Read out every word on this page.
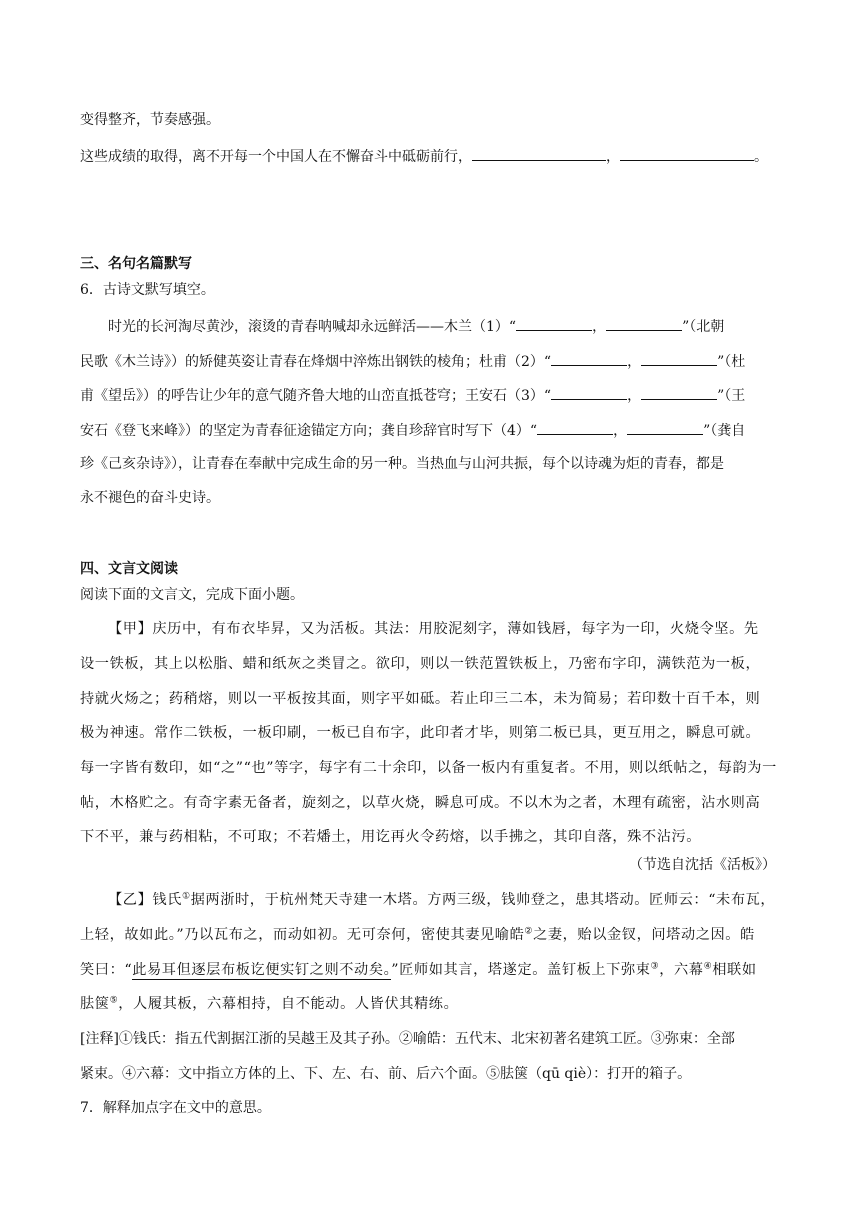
变得整齐，节奏感强。
这些成绩的取得，离不开每一个中国人在不懈奋斗中砥砺前行，	，	。
三、名句名篇默写
6．古诗文默写填空。
时光的长河淘尽黄沙，滚烫的青春呐喊却永远鲜活——木兰（1）“	，	”（北朝
民歌《木兰诗》）的矫健英姿让青春在烽烟中淬炼出钢铁的棱角；杜甫（2）“	，	”（杜
甫《望岳》）的呼告让少年的意气随齐鲁大地的山峦直抵苍穹；王安石（3）“	，	”（王
安石《登飞来峰》）的坚定为青春征途锚定方向；龚自珍辞官时写下（4）“	，	”（龚自
珍《己亥杂诗》），让青春在奉献中完成生命的另一种。当热血与山河共振，每个以诗魂为炬的青春，都是
永不褪色的奋斗史诗。
四、文言文阅读
阅读下面的文言文，完成下面小题。
【甲】庆历中，有布衣毕昇，又为活板。其法：用胶泥刻字，薄如钱唇，每字为一印，火烧令坚。先
设一铁板，其上以松脂、蜡和纸灰之类冒之。欲印，则以一铁范置铁板上，乃密布字印，满铁范为一板，
持就火炀之；药稍熔，则以一平板按其面，则字平如砥。若止印三二本，未为简易；若印数十百千本，则
极为神速。常作二铁板，一板印刷，一板已自布字，此印者才毕，则第二板已具，更互用之，瞬息可就。
每一字皆有数印，如“之”“也”等字，每字有二十余印，以备一板内有重复者。不用，则以纸帖之，每韵为一
帖，木格贮之。有奇字素无备者，旋刻之，以草火烧，瞬息可成。不以木为之者，木理有疏密，沾水则高
下不平，兼与药相粘，不可取；不若燔土，用讫再火令药熔，以手拂之，其印自落，殊不沾污。
（节选自沈括《活板》）
【乙】钱氏①据两浙时，于杭州梵天寺建一木塔。方两三级，钱帅登之，患其塔动。匠师云：“未布瓦，
上轻，故如此。”乃以瓦布之，而动如初。无可奈何，密使其妻见喻皓②之妻，贻以金钗，问塔动之因。皓
笑曰：“此易耳但逐层布板讫便实钉之则不动矣。”匠师如其言，塔遂定。盖钉板上下弥束③，六幕④相联如
胠箧⑤，人履其板，六幕相持，自不能动。人皆伏其精练。
[注释]①钱氏：指五代割据江浙的吴越王及其子孙。②喻皓：五代末、北宋初著名建筑工匠。③弥束：全部
紧束。④六幕：文中指立方体的上、下、左、右、前、后六个面。⑤胠箧（qū qiè）：打开的箱子。
7．解释加点字在文中的意思。
